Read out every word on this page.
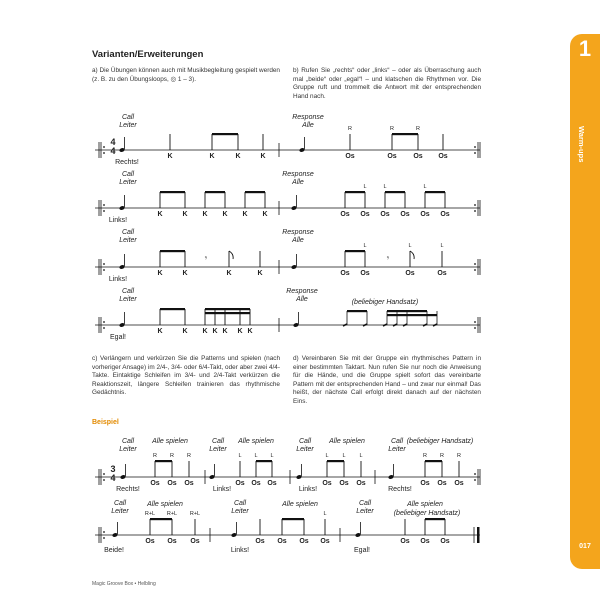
Varianten/Erweiterungen
a) Die Übungen können auch mit Musikbegleitung gespielt werden (z. B. zu den Übungsloops, ◎ 1 – 3).
b) Rufen Sie „rechts“ oder „links“ – oder als Überraschung auch mal „beide“ oder „egal“! – und klatschen die Rhythmen vor. Die Gruppe ruft und trommelt die Antwort mit der entsprechenden Hand nach.
4
4
Call
Leiter
Rechts!
K	K	K	K
Response
Alle
Os
R
Os
R
Os
R
Os
Call
Leiter
Links!
K	K K K K K
Response
Alle
Os Os
L
Os
L
Os Os
L
Os
Call
Leiter
Links!
K	K
𝄾
K	K
Response
Alle
Os Os
L
𝄾
Os
L
Os
L
Call
Leiter
Egal!
K	K K K K K K
Response
Alle	(beliebiger Handsatz)
3
4
Call
Leiter
Rechts!
Alle spielen
Os
R
Os
R
Os
R
Call
Leiter
Links!
Alle spielen
Os
L
Os
L
Os
L
Call
Leiter
Links!
Alle spielen
Os
L
Os
L
Os
L
Call
Leiter
Rechts!
(beliebiger Handsatz)
Os
R
Os
R
Os
R
Call
Leiter
Beide!
Alle spielen
Os
R+L
Os
R+L
Os
R+L
Call
Leiter
Links!
Alle spielen
Os Os Os Os
L
Call
Leiter
Egal!
Alle spielen
(beliebiger Handsatz)
Os Os Os
c) Verlängern und verkürzen Sie die Patterns und spielen (nach vorheriger Ansage) im 2/4-, 3/4- oder 6/4-Takt, oder aber zwei 4/4-Takte. Eintaktige Schleifen im 3/4- und 2/4-Takt verkürzen die Reaktionszeit, längere Schleifen trainieren das rhythmische Gedächtnis.
d) Vereinbaren Sie mit der Gruppe ein rhythmisches Pattern in einer bestimmten Taktart. Nun rufen Sie nur noch die Anweisung für die Hände, und die Gruppe spielt sofort das vereinbarte Pattern mit der entsprechenden Hand – und zwar nur einmal! Das heißt, der nächste Call erfolgt direkt danach auf der nächsten Eins.
Beispiel
1
Warm-ups
017
Magic Groove Box • Helbling
